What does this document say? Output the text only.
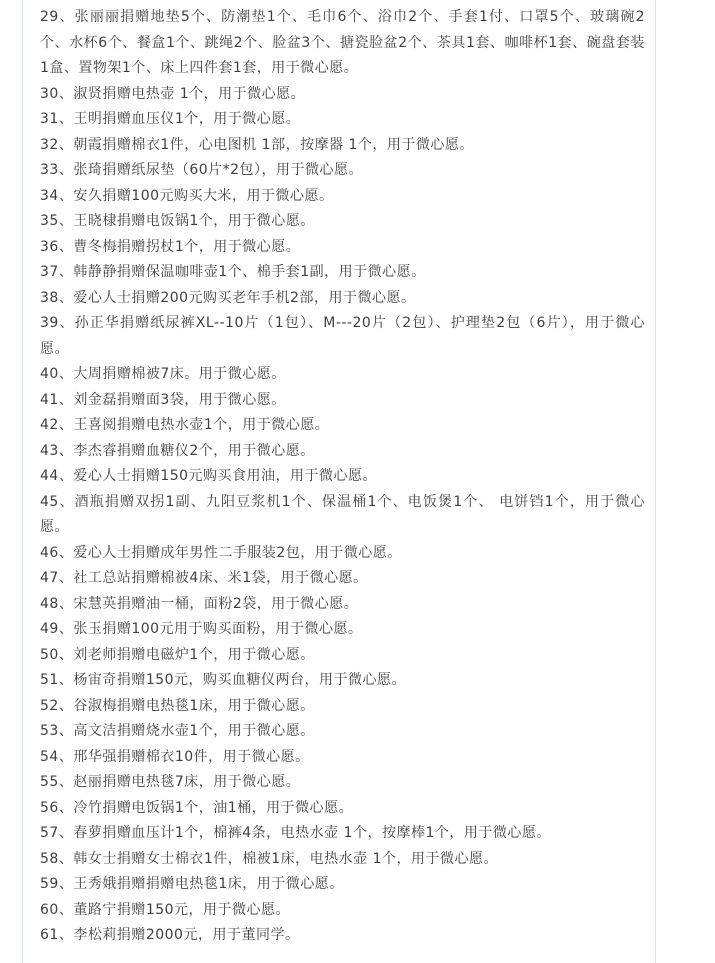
29、张丽丽捐赠地垫5个、防潮垫1个、毛巾6个、浴巾2个、手套1付、口罩5个、玻璃碗2个、水杯6个、餐盒1个、跳绳2个、脸盆3个、搪瓷脸盆2个、茶具1套、咖啡杯1套、碗盘套装1盒、置物架1个、床上四件套1套，用于微心愿。

30、淑贤捐赠电热壶 1个，用于微心愿。

31、王明捐赠血压仪1个，用于微心愿。

32、朝霞捐赠棉衣1件，心电图机 1部，按摩器 1个，用于微心愿。

33、张琦捐赠纸尿垫（60片*2包），用于微心愿。

34、安久捐赠100元购买大米，用于微心愿。

35、王晓棣捐赠电饭锅1个，用于微心愿。

36、曹冬梅捐赠拐杖1个，用于微心愿。

37、韩静静捐赠保温咖啡壶1个、棉手套1副，用于微心愿。

38、爱心人士捐赠200元购买老年手机2部，用于微心愿。

39、孙正华捐赠纸尿裤XL--10片（1包）、M---20片（2包）、护理垫2包（6片），用于微心愿。

40、大周捐赠棉被7床。用于微心愿。

41、刘金磊捐赠面3袋，用于微心愿。

42、王喜阅捐赠电热水壶1个，用于微心愿。

43、李杰睿捐赠血糖仪2个，用于微心愿。

44、爱心人士捐赠150元购买食用油，用于微心愿。

45、酒瓶捐赠双拐1副、九阳豆浆机1个、保温桶1个、电饭煲1个、 电饼铛1个，用于微心愿。

46、爱心人士捐赠成年男性二手服装2包，用于微心愿。

47、社工总站捐赠棉被4床、米1袋，用于微心愿。

48、宋慧英捐赠油一桶，面粉2袋，用于微心愿。

49、张玉捐赠100元用于购买面粉，用于微心愿。

50、刘老师捐赠电磁炉1个，用于微心愿。

51、杨宙奇捐赠150元，购买血糖仪两台，用于微心愿。

52、谷淑梅捐赠电热毯1床，用于微心愿。

53、高文洁捐赠烧水壶1个，用于微心愿。

54、邢华强捐赠棉衣10件，用于微心愿。

55、赵丽捐赠电热毯7床，用于微心愿。

56、冷竹捐赠电饭锅1个，油1桶，用于微心愿。

57、春萝捐赠血压计1个，棉裤4条，电热水壶 1个，按摩棒1个，用于微心愿。

58、韩女士捐赠女士棉衣1件，棉被1床，电热水壶 1个，用于微心愿。

59、王秀娥捐赠捐赠电热毯1床，用于微心愿。

60、董路宁捐赠150元，用于微心愿。

61、李松莉捐赠2000元，用于董同学。
